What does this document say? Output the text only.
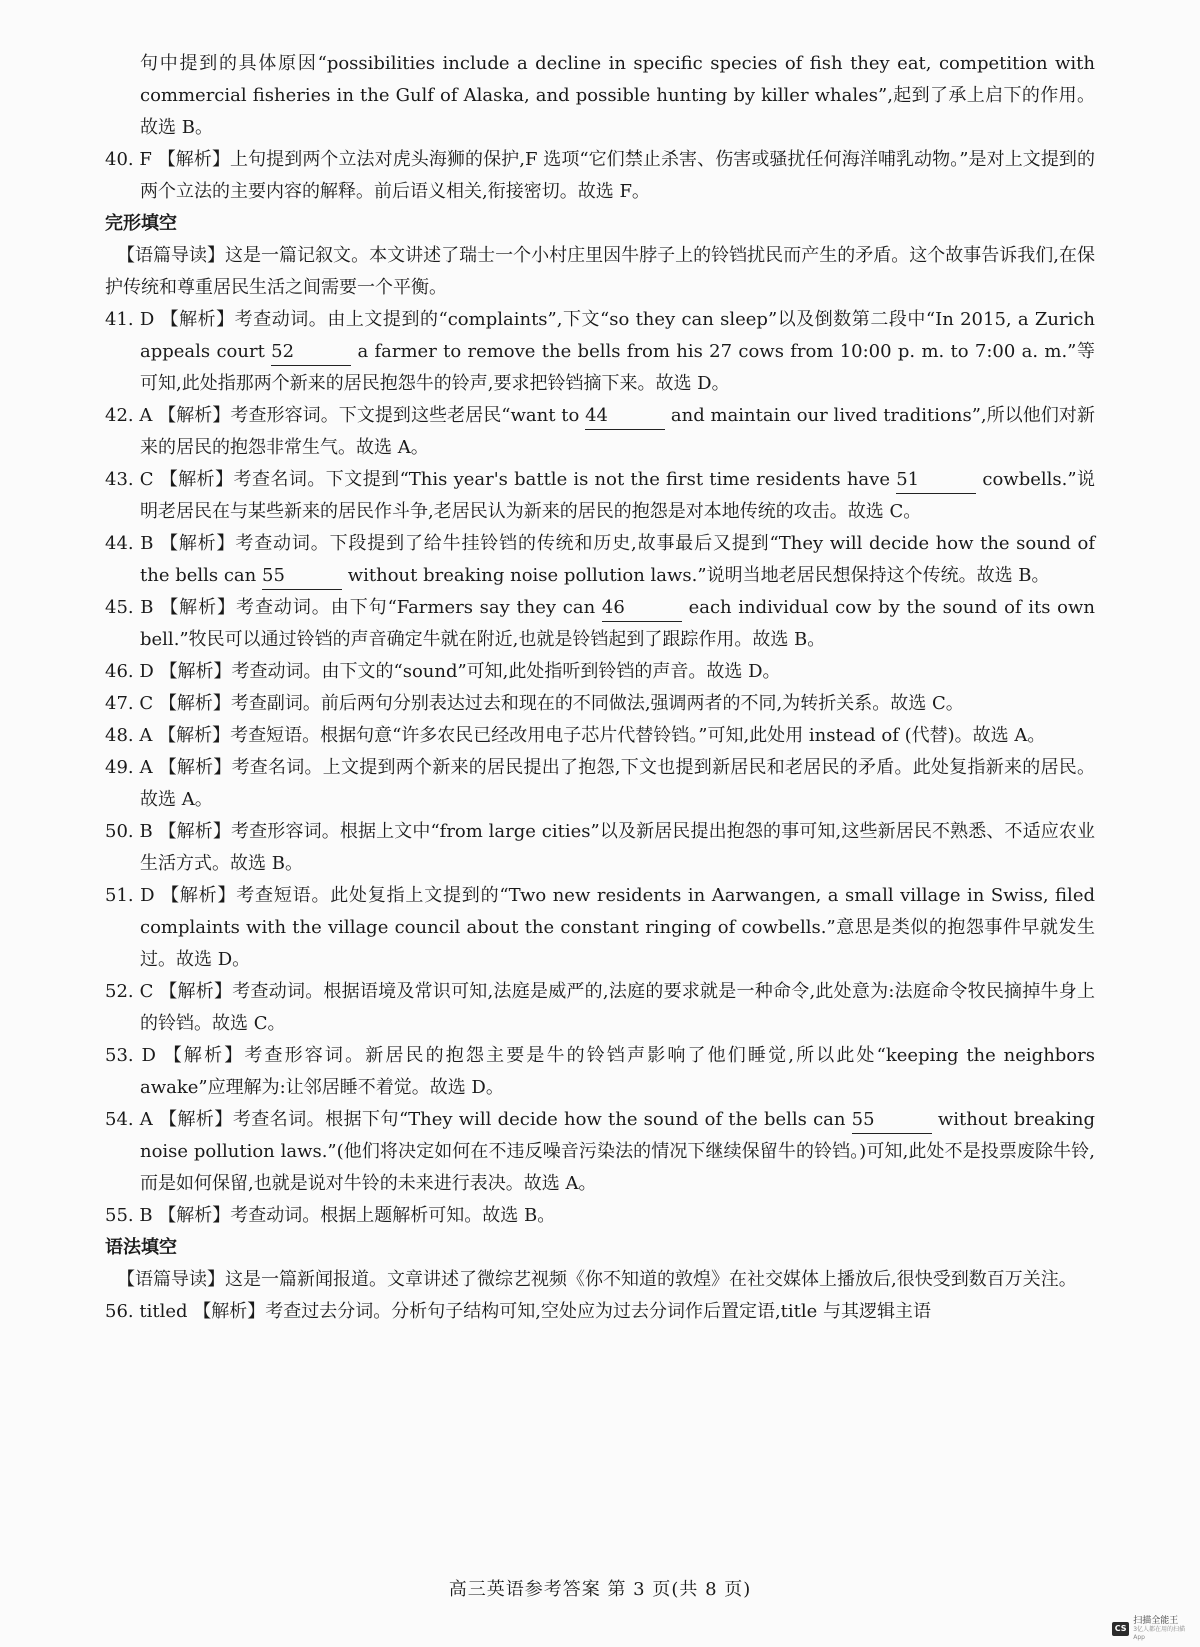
句中提到的具体原因“possibilities include a decline in specific species of fish they eat, competition with commercial fisheries in the Gulf of Alaska, and possible hunting by killer whales”,起到了承上启下的作用。故选 B。

40. F 【解析】上句提到两个立法对虎头海狮的保护,F 选项“它们禁止杀害、伤害或骚扰任何海洋哺乳动物。”是对上文提到的两个立法的主要内容的解释。前后语义相关,衔接密切。故选 F。

完形填空

【语篇导读】这是一篇记叙文。本文讲述了瑞士一个小村庄里因牛脖子上的铃铛扰民而产生的矛盾。这个故事告诉我们,在保护传统和尊重居民生活之间需要一个平衡。

41. D 【解析】考查动词。由上文提到的“complaints”,下文“so they can sleep”以及倒数第二段中“In 2015, a Zurich appeals court 52	a farmer to remove the bells from his 27 cows from 10:00 p. m. to 7:00 a. m.”等可知,此处指那两个新来的居民抱怨牛的铃声,要求把铃铛摘下来。故选 D。

42. A 【解析】考查形容词。下文提到这些老居民“want to 44	and maintain our lived traditions”,所以他们对新来的居民的抱怨非常生气。故选 A。

43. C 【解析】考查名词。下文提到“This year's battle is not the first time residents have 51	cowbells.”说明老居民在与某些新来的居民作斗争,老居民认为新来的居民的抱怨是对本地传统的攻击。故选 C。

44. B 【解析】考查动词。下段提到了给牛挂铃铛的传统和历史,故事最后又提到“They will decide how the sound of the bells can 55	without breaking noise pollution laws.”说明当地老居民想保持这个传统。故选 B。

45. B 【解析】考查动词。由下句“Farmers say they can 46	each individual cow by the sound of its own bell.”牧民可以通过铃铛的声音确定牛就在附近,也就是铃铛起到了跟踪作用。故选 B。

46. D 【解析】考查动词。由下文的“sound”可知,此处指听到铃铛的声音。故选 D。

47. C 【解析】考查副词。前后两句分别表达过去和现在的不同做法,强调两者的不同,为转折关系。故选 C。

48. A 【解析】考查短语。根据句意“许多农民已经改用电子芯片代替铃铛。”可知,此处用 instead of (代替)。故选 A。

49. A 【解析】考查名词。上文提到两个新来的居民提出了抱怨,下文也提到新居民和老居民的矛盾。此处复指新来的居民。故选 A。

50. B 【解析】考查形容词。根据上文中“from large cities”以及新居民提出抱怨的事可知,这些新居民不熟悉、不适应农业生活方式。故选 B。

51. D 【解析】考查短语。此处复指上文提到的“Two new residents in Aarwangen, a small village in Swiss, filed complaints with the village council about the constant ringing of cowbells.”意思是类似的抱怨事件早就发生过。故选 D。

52. C 【解析】考查动词。根据语境及常识可知,法庭是威严的,法庭的要求就是一种命令,此处意为:法庭命令牧民摘掉牛身上的铃铛。故选 C。

53. D 【解析】考查形容词。新居民的抱怨主要是牛的铃铛声影响了他们睡觉,所以此处“keeping the neighbors awake”应理解为:让邻居睡不着觉。故选 D。

54. A 【解析】考查名词。根据下句“They will decide how the sound of the bells can 55	without breaking noise pollution laws.”(他们将决定如何在不违反噪音污染法的情况下继续保留牛的铃铛。)可知,此处不是投票废除牛铃,而是如何保留,也就是说对牛铃的未来进行表决。故选 A。

55. B 【解析】考查动词。根据上题解析可知。故选 B。

语法填空

【语篇导读】这是一篇新闻报道。文章讲述了微综艺视频《你不知道的敦煌》在社交媒体上播放后,很快受到数百万关注。

56. titled 【解析】考查过去分词。分析句子结构可知,空处应为过去分词作后置定语,title 与其逻辑主语

高三英语参考答案 第 3 页(共 8 页)
CS
扫描全能王
3亿人都在用的扫描App
